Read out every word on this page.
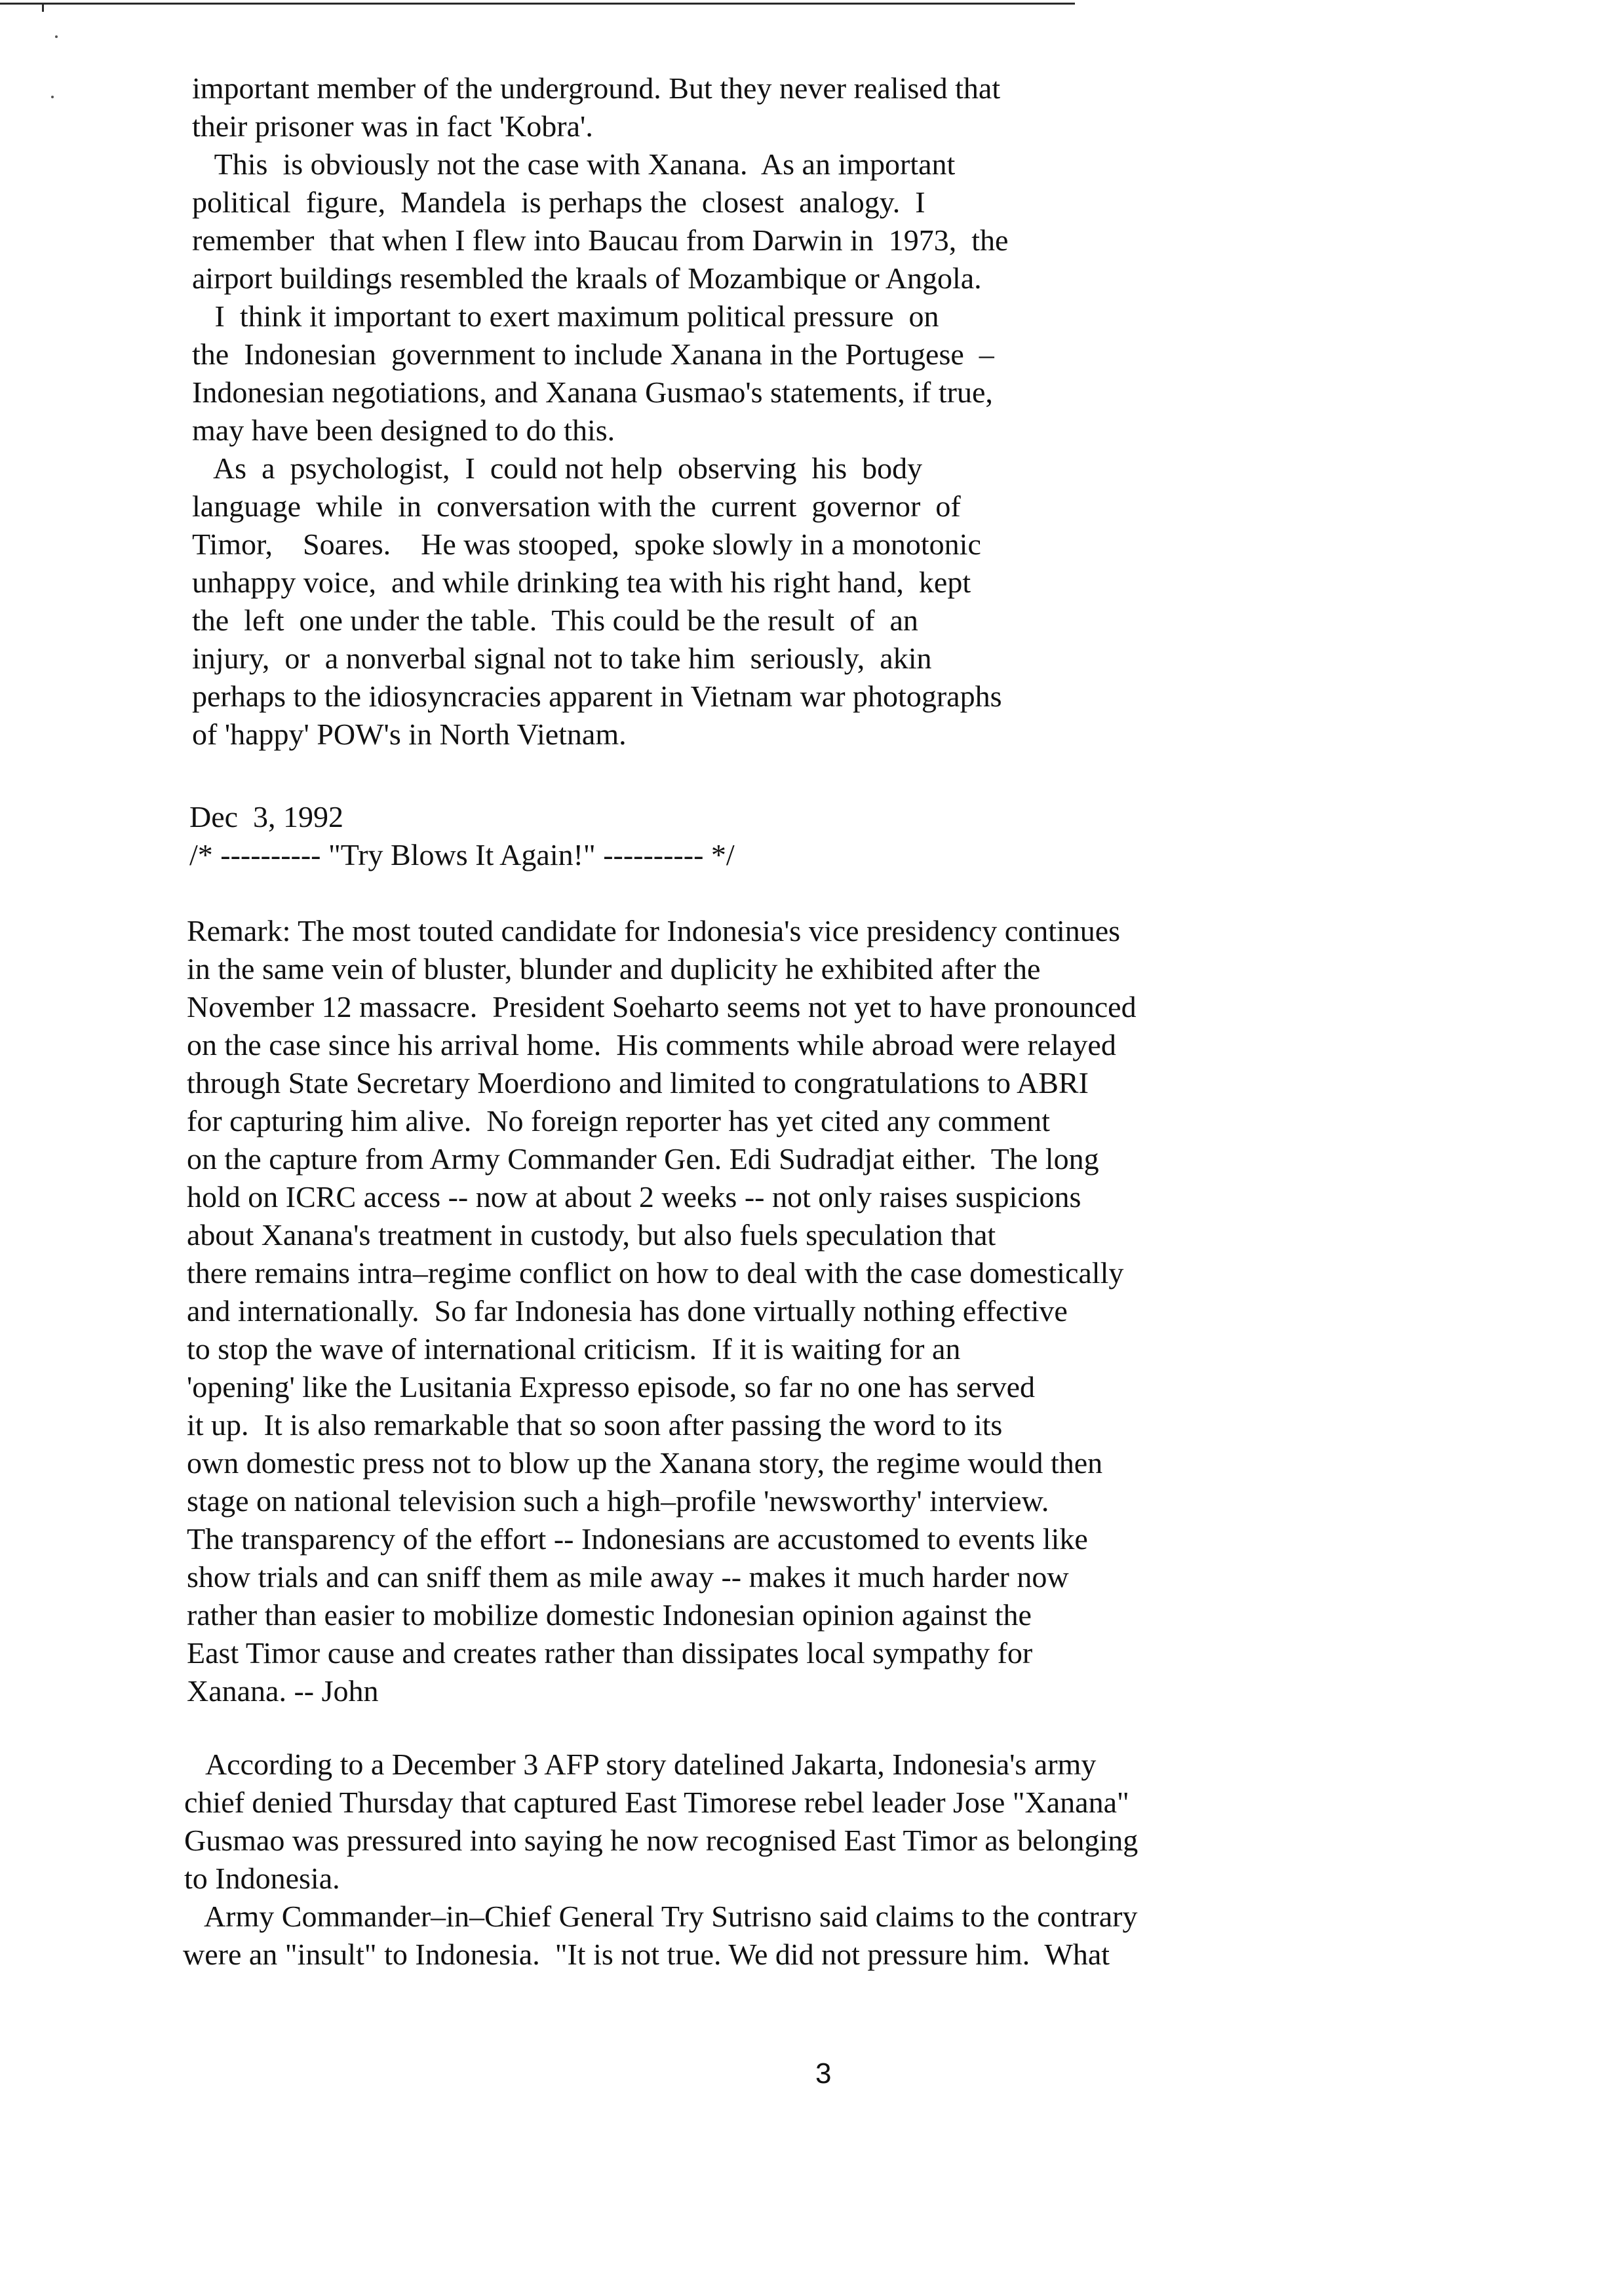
important member of the underground. But they never realised that
their prisoner was in fact 'Kobra'.
This  is obviously not the case with Xanana.  As an important
political  figure,  Mandela  is perhaps the  closest  analogy.  I
remember  that when I flew into Baucau from Darwin in  1973,  the
airport buildings resembled the kraals of Mozambique or Angola.
I  think it important to exert maximum political pressure  on
the  Indonesian  government to include Xanana in the Portugese  –
Indonesian negotiations, and Xanana Gusmao's statements, if true,
may have been designed to do this.
As  a  psychologist,  I  could not help  observing  his  body
language  while  in  conversation with the  current  governor  of
Timor,    Soares.    He was stooped,  spoke slowly in a monotonic
unhappy voice,  and while drinking tea with his right hand,  kept
the  left  one under the table.  This could be the result  of  an
injury,  or  a nonverbal signal not to take him  seriously,  akin
perhaps to the idiosyncracies apparent in Vietnam war photographs
of 'happy' POW's in North Vietnam.
Dec  3, 1992
/* ---------- "Try Blows It Again!" ---------- */
Remark: The most touted candidate for Indonesia's vice presidency continues
in the same vein of bluster, blunder and duplicity he exhibited after the
November 12 massacre.  President Soeharto seems not yet to have pronounced
on the case since his arrival home.  His comments while abroad were relayed
through State Secretary Moerdiono and limited to congratulations to ABRI
for capturing him alive.  No foreign reporter has yet cited any comment
on the capture from Army Commander Gen. Edi Sudradjat either.  The long
hold on ICRC access -- now at about 2 weeks -- not only raises suspicions
about Xanana's treatment in custody, but also fuels speculation that
there remains intra–regime conflict on how to deal with the case domestically
and internationally.  So far Indonesia has done virtually nothing effective
to stop the wave of international criticism.  If it is waiting for an
'opening' like the Lusitania Expresso episode, so far no one has served
it up.  It is also remarkable that so soon after passing the word to its
own domestic press not to blow up the Xanana story, the regime would then
stage on national television such a high–profile 'newsworthy' interview.
The transparency of the effort -- Indonesians are accustomed to events like
show trials and can sniff them as mile away -- makes it much harder now
rather than easier to mobilize domestic Indonesian opinion against the
East Timor cause and creates rather than dissipates local sympathy for
Xanana. -- John
According to a December 3 AFP story datelined Jakarta, Indonesia's army
chief denied Thursday that captured East Timorese rebel leader Jose "Xanana"
Gusmao was pressured into saying he now recognised East Timor as belonging
to Indonesia.
Army Commander–in–Chief General Try Sutrisno said claims to the contrary
were an "insult" to Indonesia.  "It is not true. We did not pressure him.  What
3
